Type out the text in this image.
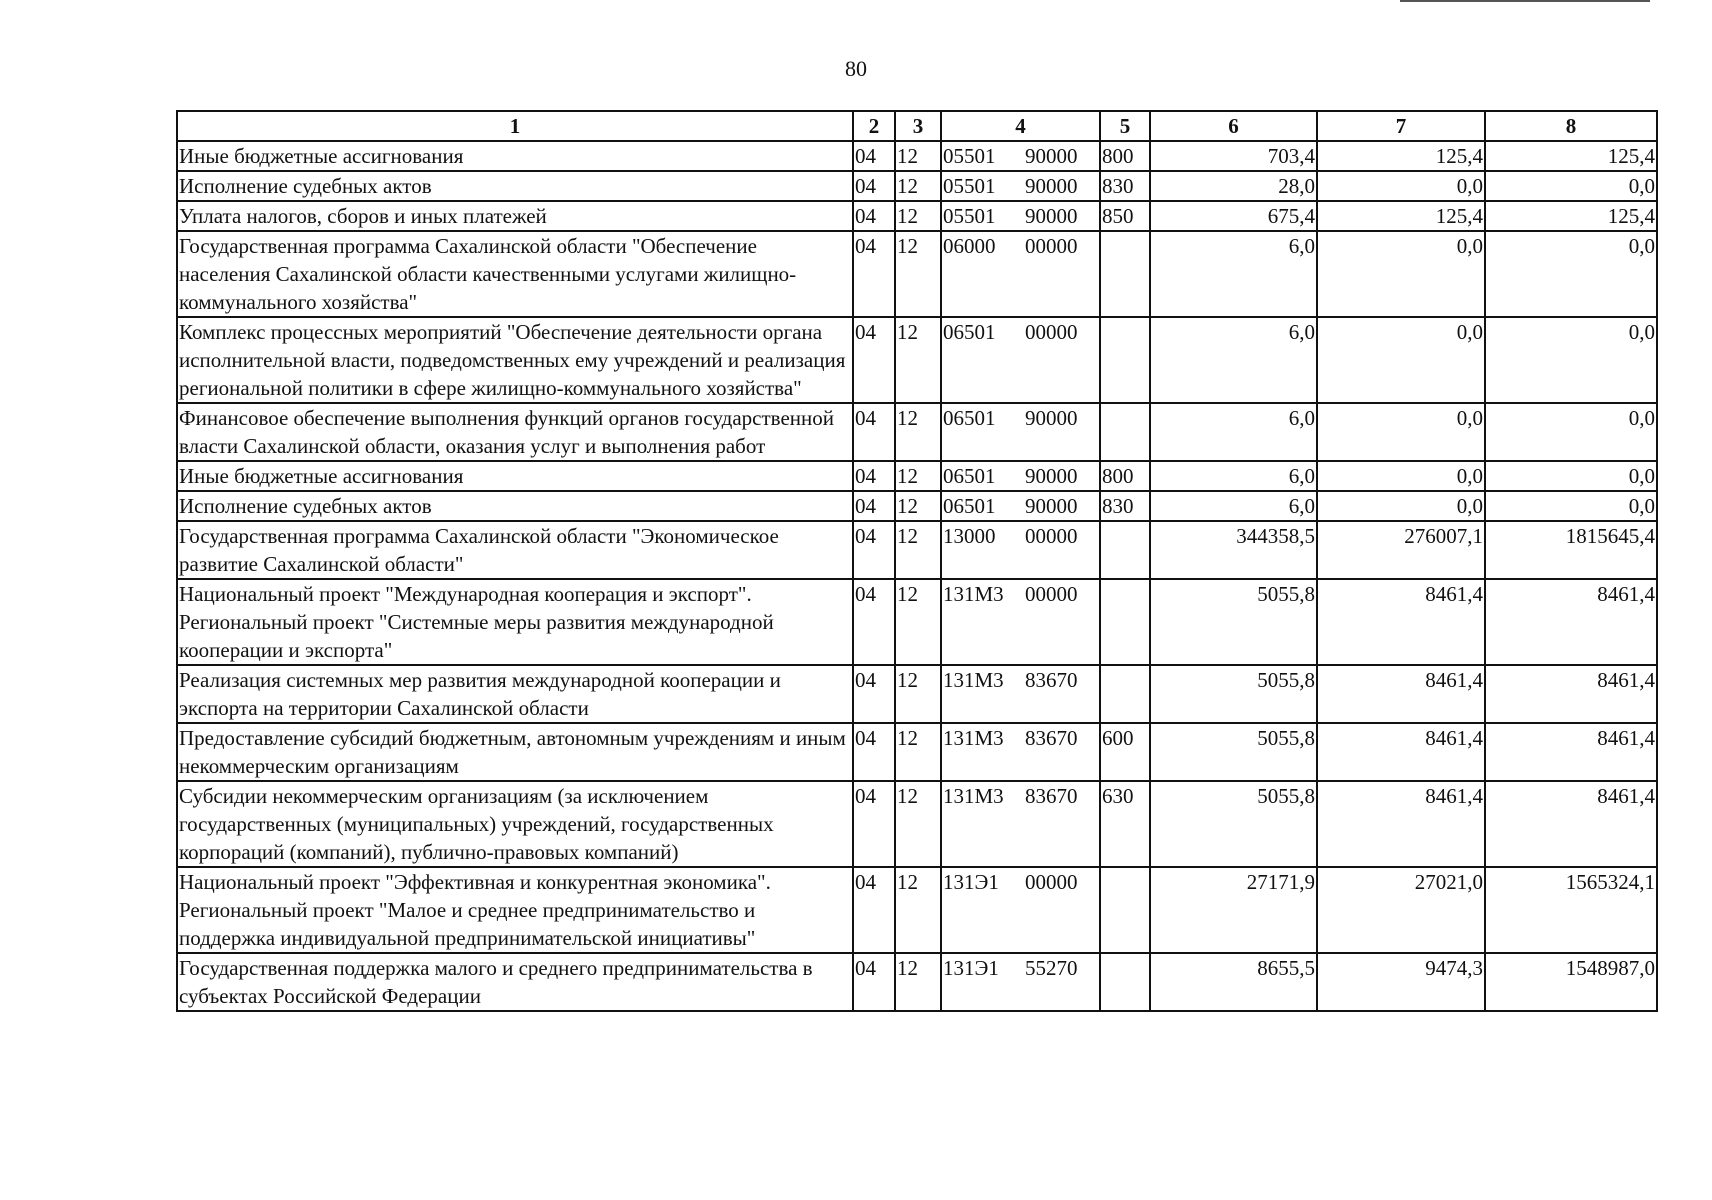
80
1	2	3	4	5	6	7	8
Иные бюджетные ассигнования	04	12	05501 90000	800	703,4	125,4	125,4
Исполнение судебных актов	04	12	05501 90000	830	28,0	0,0	0,0
Уплата налогов, сборов и иных платежей	04	12	05501 90000	850	675,4	125,4	125,4
Государственная программа Сахалинской области "Обеспечение населения Сахалинской области качественными услугами жилищно-коммунального хозяйства"	04	12	06000 00000		6,0	0,0	0,0
Комплекс процессных мероприятий "Обеспечение деятельности органа исполнительной власти, подведомственных ему учреждений и реализация региональной политики в сфере жилищно-коммунального хозяйства"	04	12	06501 00000		6,0	0,0	0,0
Финансовое обеспечение выполнения функций органов государственной власти Сахалинской области, оказания услуг и выполнения работ	04	12	06501 90000		6,0	0,0	0,0
Иные бюджетные ассигнования	04	12	06501 90000	800	6,0	0,0	0,0
Исполнение судебных актов	04	12	06501 90000	830	6,0	0,0	0,0
Государственная программа Сахалинской области "Экономическое развитие Сахалинской области"	04	12	13000 00000		344358,5	276007,1	1815645,4
Национальный проект "Международная кооперация и экспорт". Региональный проект "Системные меры развития международной кооперации и экспорта"	04	12	131М3 00000		5055,8	8461,4	8461,4
Реализация системных мер развития международной кооперации и экспорта на территории Сахалинской области	04	12	131М3 83670		5055,8	8461,4	8461,4
Предоставление субсидий бюджетным, автономным учреждениям и иным некоммерческим организациям	04	12	131М3 83670	600	5055,8	8461,4	8461,4
Субсидии некоммерческим организациям (за исключением государственных (муниципальных) учреждений, государственных корпораций (компаний), публично-правовых компаний)	04	12	131М3 83670	630	5055,8	8461,4	8461,4
Национальный проект "Эффективная и конкурентная экономика". Региональный проект "Малое и среднее предпринимательство и поддержка индивидуальной предпринимательской инициативы"	04	12	131Э1 00000		27171,9	27021,0	1565324,1
Государственная поддержка малого и среднего предпринимательства в субъектах Российской Федерации	04	12	131Э1 55270		8655,5	9474,3	1548987,0
